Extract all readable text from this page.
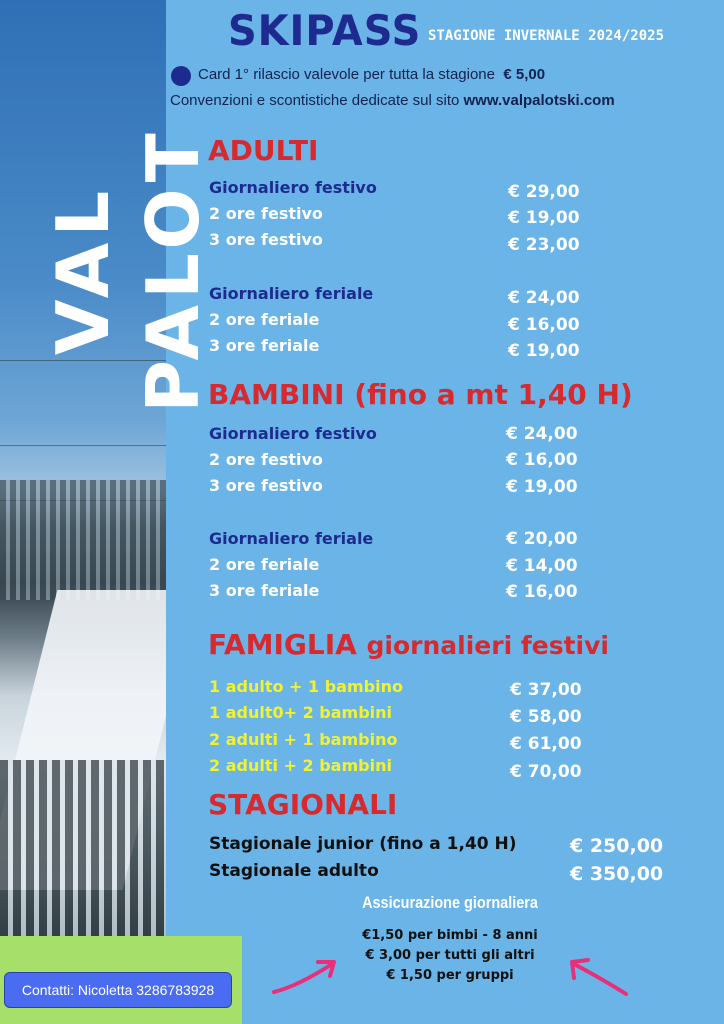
VAL PALOT
Contatti: Nicoletta 3286783928
SKIPASS STAGIONE INVERNALE 2024/2025
Card 1° rilascio valevole per tutta la stagione € 5,00
Convenzioni e scontistiche dedicate sul sito www.valpalotski.com
ADULTI
Giornaliero festivo
2 ore festivo
3 ore festivo
Giornaliero feriale
2 ore feriale
3 ore feriale
€ 29,00
€ 19,00
€ 23,00
€ 24,00
€ 16,00
€ 19,00
BAMBINI (fino a mt 1,40 H)
Giornaliero festivo
2 ore festivo
3 ore festivo
Giornaliero feriale
2 ore feriale
3 ore feriale
€ 24,00
€ 16,00
€ 19,00
€ 20,00
€ 14,00
€ 16,00
FAMIGLIA giornalieri festivi
1 adulto + 1 bambino
1 adult0+ 2 bambini
2 adulti + 1 bambino
2 adulti + 2 bambini
€ 37,00
€ 58,00
€ 61,00
€ 70,00
STAGIONALI
Stagionale junior (fino a 1,40 H)
Stagionale adulto
€ 250,00
€ 350,00
Assicurazione giornaliera
€1,50 per bimbi - 8 anni
€ 3,00 per tutti gli altri
€ 1,50 per gruppi
